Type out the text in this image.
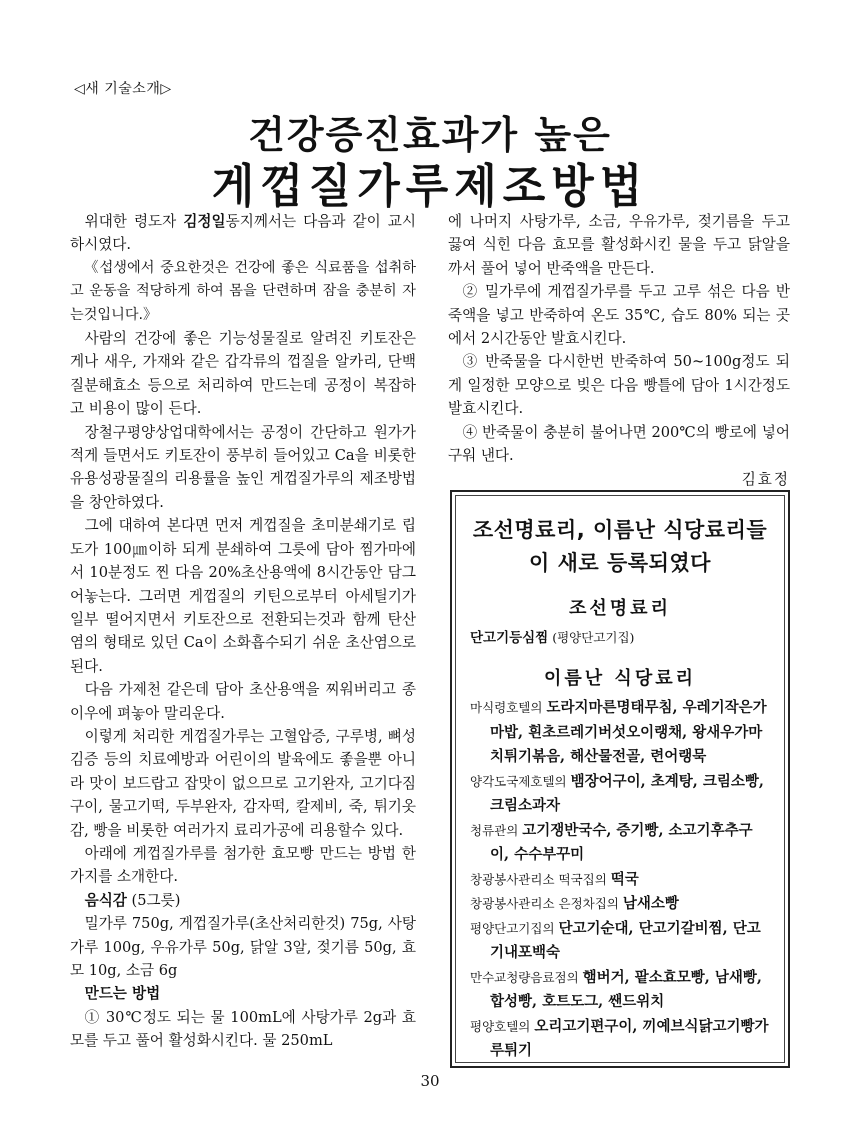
◁새 기술소개▷
건강증진효과가 높은
게껍질가루제조방법

위대한 령도자 김정일동지께서는 다음과 같이 교시하시였다.

《섭생에서 중요한것은 건강에 좋은 식료품을 섭취하고 운동을 적당하게 하여 몸을 단련하며 잠을 충분히 자는것입니다.》

사람의 건강에 좋은 기능성물질로 알려진 키토잔은 게나 새우, 가재와 같은 갑각류의 껍질을 알카리, 단백질분해효소 등으로 처리하여 만드는데 공정이 복잡하고 비용이 많이 든다.

장철구평양상업대학에서는 공정이 간단하고 원가가 적게 들면서도 키토잔이 풍부히 들어있고 Ca을 비롯한 유용성광물질의 리용률을 높인 게껍질가루의 제조방법을 창안하였다.

그에 대하여 본다면 먼저 게껍질을 초미분쇄기로 립도가 100㎛이하 되게 분쇄하여 그릇에 담아 찜가마에서 10분정도 찐 다음 20%초산용액에 8시간동안 담그어놓는다. 그러면 게껍질의 키틴으로부터 아세틸기가 일부 떨어지면서 키토잔으로 전환되는것과 함께 탄산염의 형태로 있던 Ca이 소화흡수되기 쉬운 초산염으로 된다.

다음 가제천 같은데 담아 초산용액을 찌워버리고 종이우에 펴놓아 말리운다.

이렇게 처리한 게껍질가루는 고혈압증, 구루병, 뼈성김증 등의 치료예방과 어린이의 발육에도 좋을뿐 아니라 맛이 보드랍고 잡맛이 없으므로 고기완자, 고기다짐구이, 물고기떡, 두부완자, 감자떡, 칼제비, 죽, 튀기옷감, 빵을 비롯한 여러가지 료리가공에 리용할수 있다.

아래에 게껍질가루를 첨가한 효모빵 만드는 방법 한가지를 소개한다.

음식감 (5그릇)

밀가루 750g, 게껍질가루(초산처리한것) 75g, 사탕가루 100g, 우유가루 50g, 닭알 3알, 젖기름 50g, 효모 10g, 소금 6g

만드는 방법

① 30℃정도 되는 물 100mL에 사탕가루 2g과 효모를 두고 풀어 활성화시킨다. 물 250mL

에 나머지 사탕가루, 소금, 우유가루, 젖기름을 두고 끓여 식힌 다음 효모를 활성화시킨 물을 두고 닭알을 까서 풀어 넣어 반죽액을 만든다.

② 밀가루에 게껍질가루를 두고 고루 섞은 다음 반죽액을 넣고 반죽하여 온도 35℃, 습도 80% 되는 곳에서 2시간동안 발효시킨다.

③ 반죽물을 다시한번 반죽하여 50~100g정도 되게 일정한 모양으로 빚은 다음 빵틀에 담아 1시간정도 발효시킨다.

④ 반죽물이 충분히 불어나면 200℃의 빵로에 넣어 구워 낸다.

김효정
조선명료리, 이름난 식당료리들이 새로 등록되였다
조선명료리
단고기등심찜 (평양단고기집)
이름난 식당료리
마식령호텔의 도라지마른명태무침, 우레기작은가마밥, 흰초르레기버섯오이랭채, 왕새우가마치튀기볶음, 해산물전골, 련어랭묵
양각도국제호텔의 뱀장어구이, 초계탕, 크림소빵, 크림소과자
청류관의 고기쟁반국수, 증기빵, 소고기후추구이, 수수부꾸미
창광봉사관리소 떡국집의 떡국
창광봉사관리소 은정차집의 남새소빵
평양단고기집의 단고기순대, 단고기갈비찜, 단고기내포백숙
만수교청량음료점의 햄버거, 팥소효모빵, 남새빵, 합성빵, 호트도그, 쌘드위치
평양호텔의 오리고기편구이, 끼예브식닭고기빵가루튀기
30
